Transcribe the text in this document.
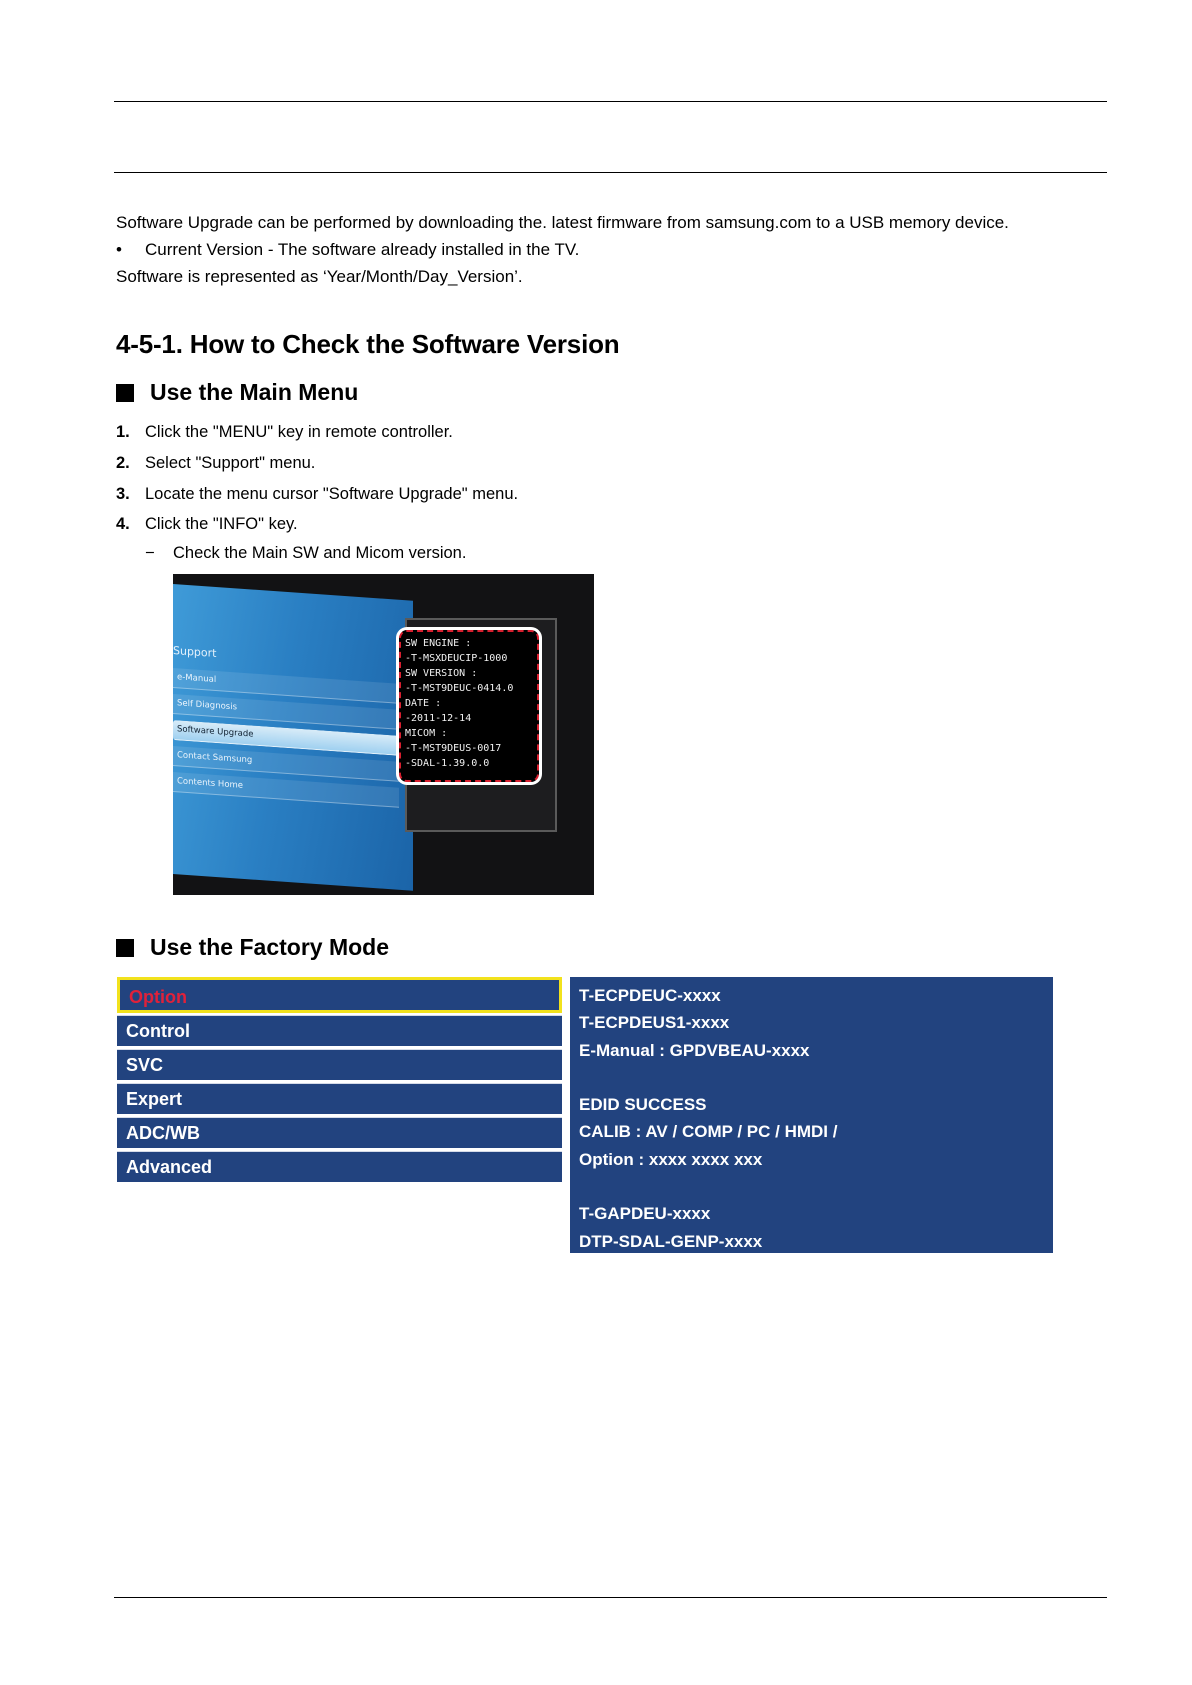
Software Upgrade can be performed by downloading the. latest firmware from samsung.com to a USB memory device.
• Current Version - The software already installed in the TV.
Software is represented as ‘Year/Month/Day_Version’.
4-5-1. How to Check the Software Version
Use the Main Menu
1. Click the "MENU" key in remote controller.
2. Select "Support" menu.
3. Locate the menu cursor "Software Upgrade" menu.
4. Click the "INFO" key.
− Check the Main SW and Micom version.
Support
e-Manual
Self Diagnosis
Software Upgrade
Contact Samsung
Contents Home
SW ENGINE :
-T-MSXDEUCIP-1000
SW VERSION :
-T-MST9DEUC-0414.0
DATE :
-2011-12-14
MICOM :
-T-MST9DEUS-0017
-SDAL-1.39.0.0
Use the Factory Mode
Option
Control
SVC
Expert
ADC/WB
Advanced
T-ECPDEUC-xxxx
T-ECPDEUS1-xxxx
E-Manual : GPDVBEAU-xxxx
EDID SUCCESS
CALIB : AV / COMP / PC / HMDI /
Option : xxxx xxxx xxx
T-GAPDEU-xxxx
DTP-SDAL-GENP-xxxx
